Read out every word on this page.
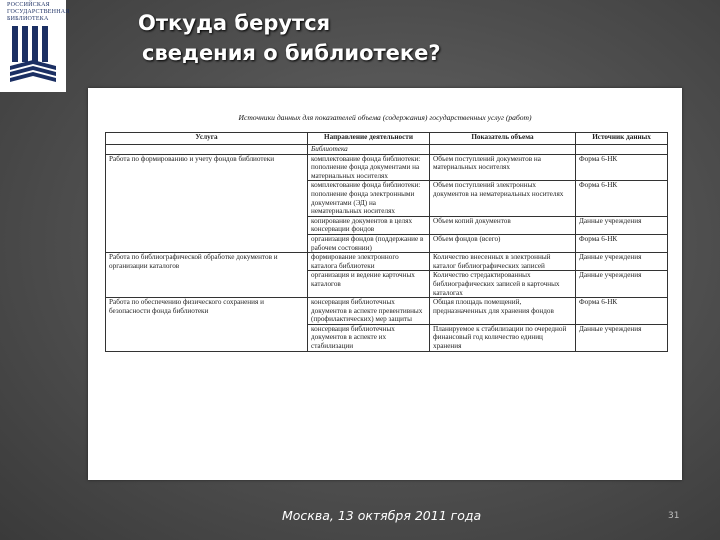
РОССИЙСКАЯ
ГОСУДАРСТВЕННАЯ
БИБЛИОТЕКА	Откуда берутся
сведения о библиотеке?
Источники данных для показателей объема (содержания) государственных услуг (работ)
Услуга	Направление деятельности	Показатель объема	Источник данных
	Библиотека		
Работа по формированию и учету фондов библиотеки	комплектование фонда библиотеки: пополнение фонда документами на материальных носителях	Объем поступлений документов на материальных носителях	Форма 6-НК
	комплектование фонда библиотеки: пополнение фонда электронными документами (ЭД) на нематериальных носителях	Объем поступлений электронных документов на нематериальных носителях	Форма 6-НК
	копирование документов в целях консервации фондов	Объем копий документов	Данные учреждения
	организация фондов (поддержание в рабочем состоянии)	Объем фондов (всего)	Форма 6-НК
Работа по библиографической обработке документов и организации каталогов	формирование электронного каталога библиотеки	Количество внесенных в электронный каталог библиографических записей	Данные учреждения
	организация и ведение карточных каталогов	Количество стредактированных библиографических записей в карточных каталогах	Данные учреждения
Работа по обеспечению физического сохранения и безопасности фонда библиотеки	консервация библиотечных документов в аспекте превентивных (профилактических) мер защиты	Общая площадь помещений, предназначенных для хранения фондов	Форма 6-НК
	консервация библиотечных документов в аспекте их стабилизации	Планируемое к стабилизации по очередной финансовый год количество единиц хранения	Данные учреждения
Москва, 13 октября 2011 года	31
